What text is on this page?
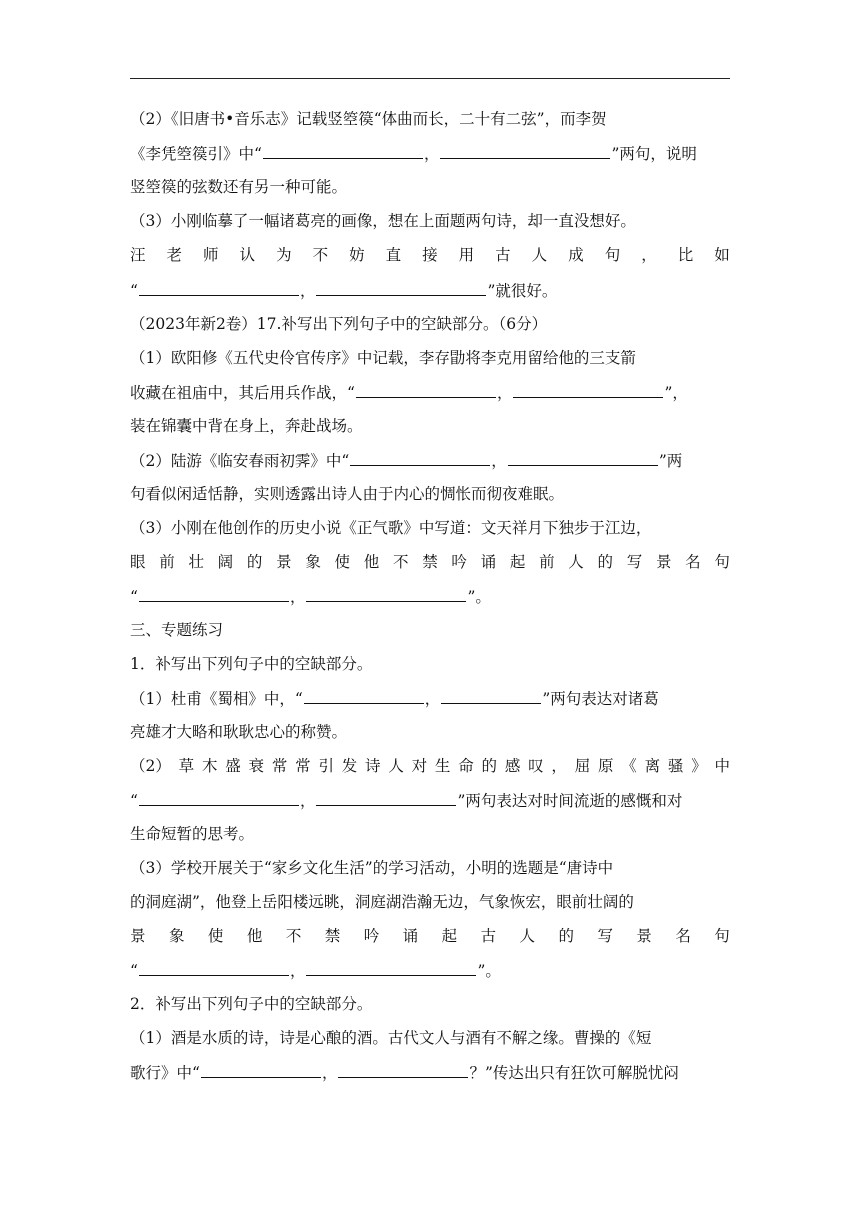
（2）《旧唐书•音乐志》记载竖箜篌“体曲而长，二十有二弦”，而李贺
《李凭箜篌引》中“	，	”两句，说明
竖箜篌的弦数还有另一种可能。
（3）小刚临摹了一幅诸葛亮的画像，想在上面题两句诗，却一直没想好。
汪 老 师 认 为 不 妨 直 接 用 古 人 成 句 ， 比 如
“	，	”就很好。
（2023年新2卷）17.补写出下列句子中的空缺部分。（6分）
（1）欧阳修《五代史伶官传序》中记载，李存勖将李克用留给他的三支箭
收藏在祖庙中，其后用兵作战，“	，	”，
装在锦囊中背在身上，奔赴战场。
（2）陆游《临安春雨初霁》中“	，	”两
句看似闲适恬静，实则透露出诗人由于内心的惆怅而彻夜难眠。
（3）小刚在他创作的历史小说《正气歌》中写道：文天祥月下独步于江边，
眼 前 壮 阔 的 景 象 使 他 不 禁 吟 诵 起 前 人 的 写 景 名 句
“	，	”。
三、专题练习
1．补写出下列句子中的空缺部分。
（1）杜甫《蜀相》中，“	，	”两句表达对诸葛
亮雄才大略和耿耿忠心的称赞。
（2） 草 木 盛 衰 常 常 引 发 诗 人 对 生 命 的 感 叹 ， 屈 原 《 离 骚 》 中
“	，	”两句表达对时间流逝的感慨和对
生命短暂的思考。
（3）学校开展关于“家乡文化生活”的学习活动，小明的选题是“唐诗中
的洞庭湖”，他登上岳阳楼远眺，洞庭湖浩瀚无边，气象恢宏，眼前壮阔的
景 象 使 他 不 禁 吟 诵 起 古 人 的 写 景 名 句
“	，	”。
2．补写出下列句子中的空缺部分。
（1）酒是水质的诗，诗是心酿的酒。古代文人与酒有不解之缘。曹操的《短
歌行》中“	，	？”传达出只有狂饮可解脱忧闷
